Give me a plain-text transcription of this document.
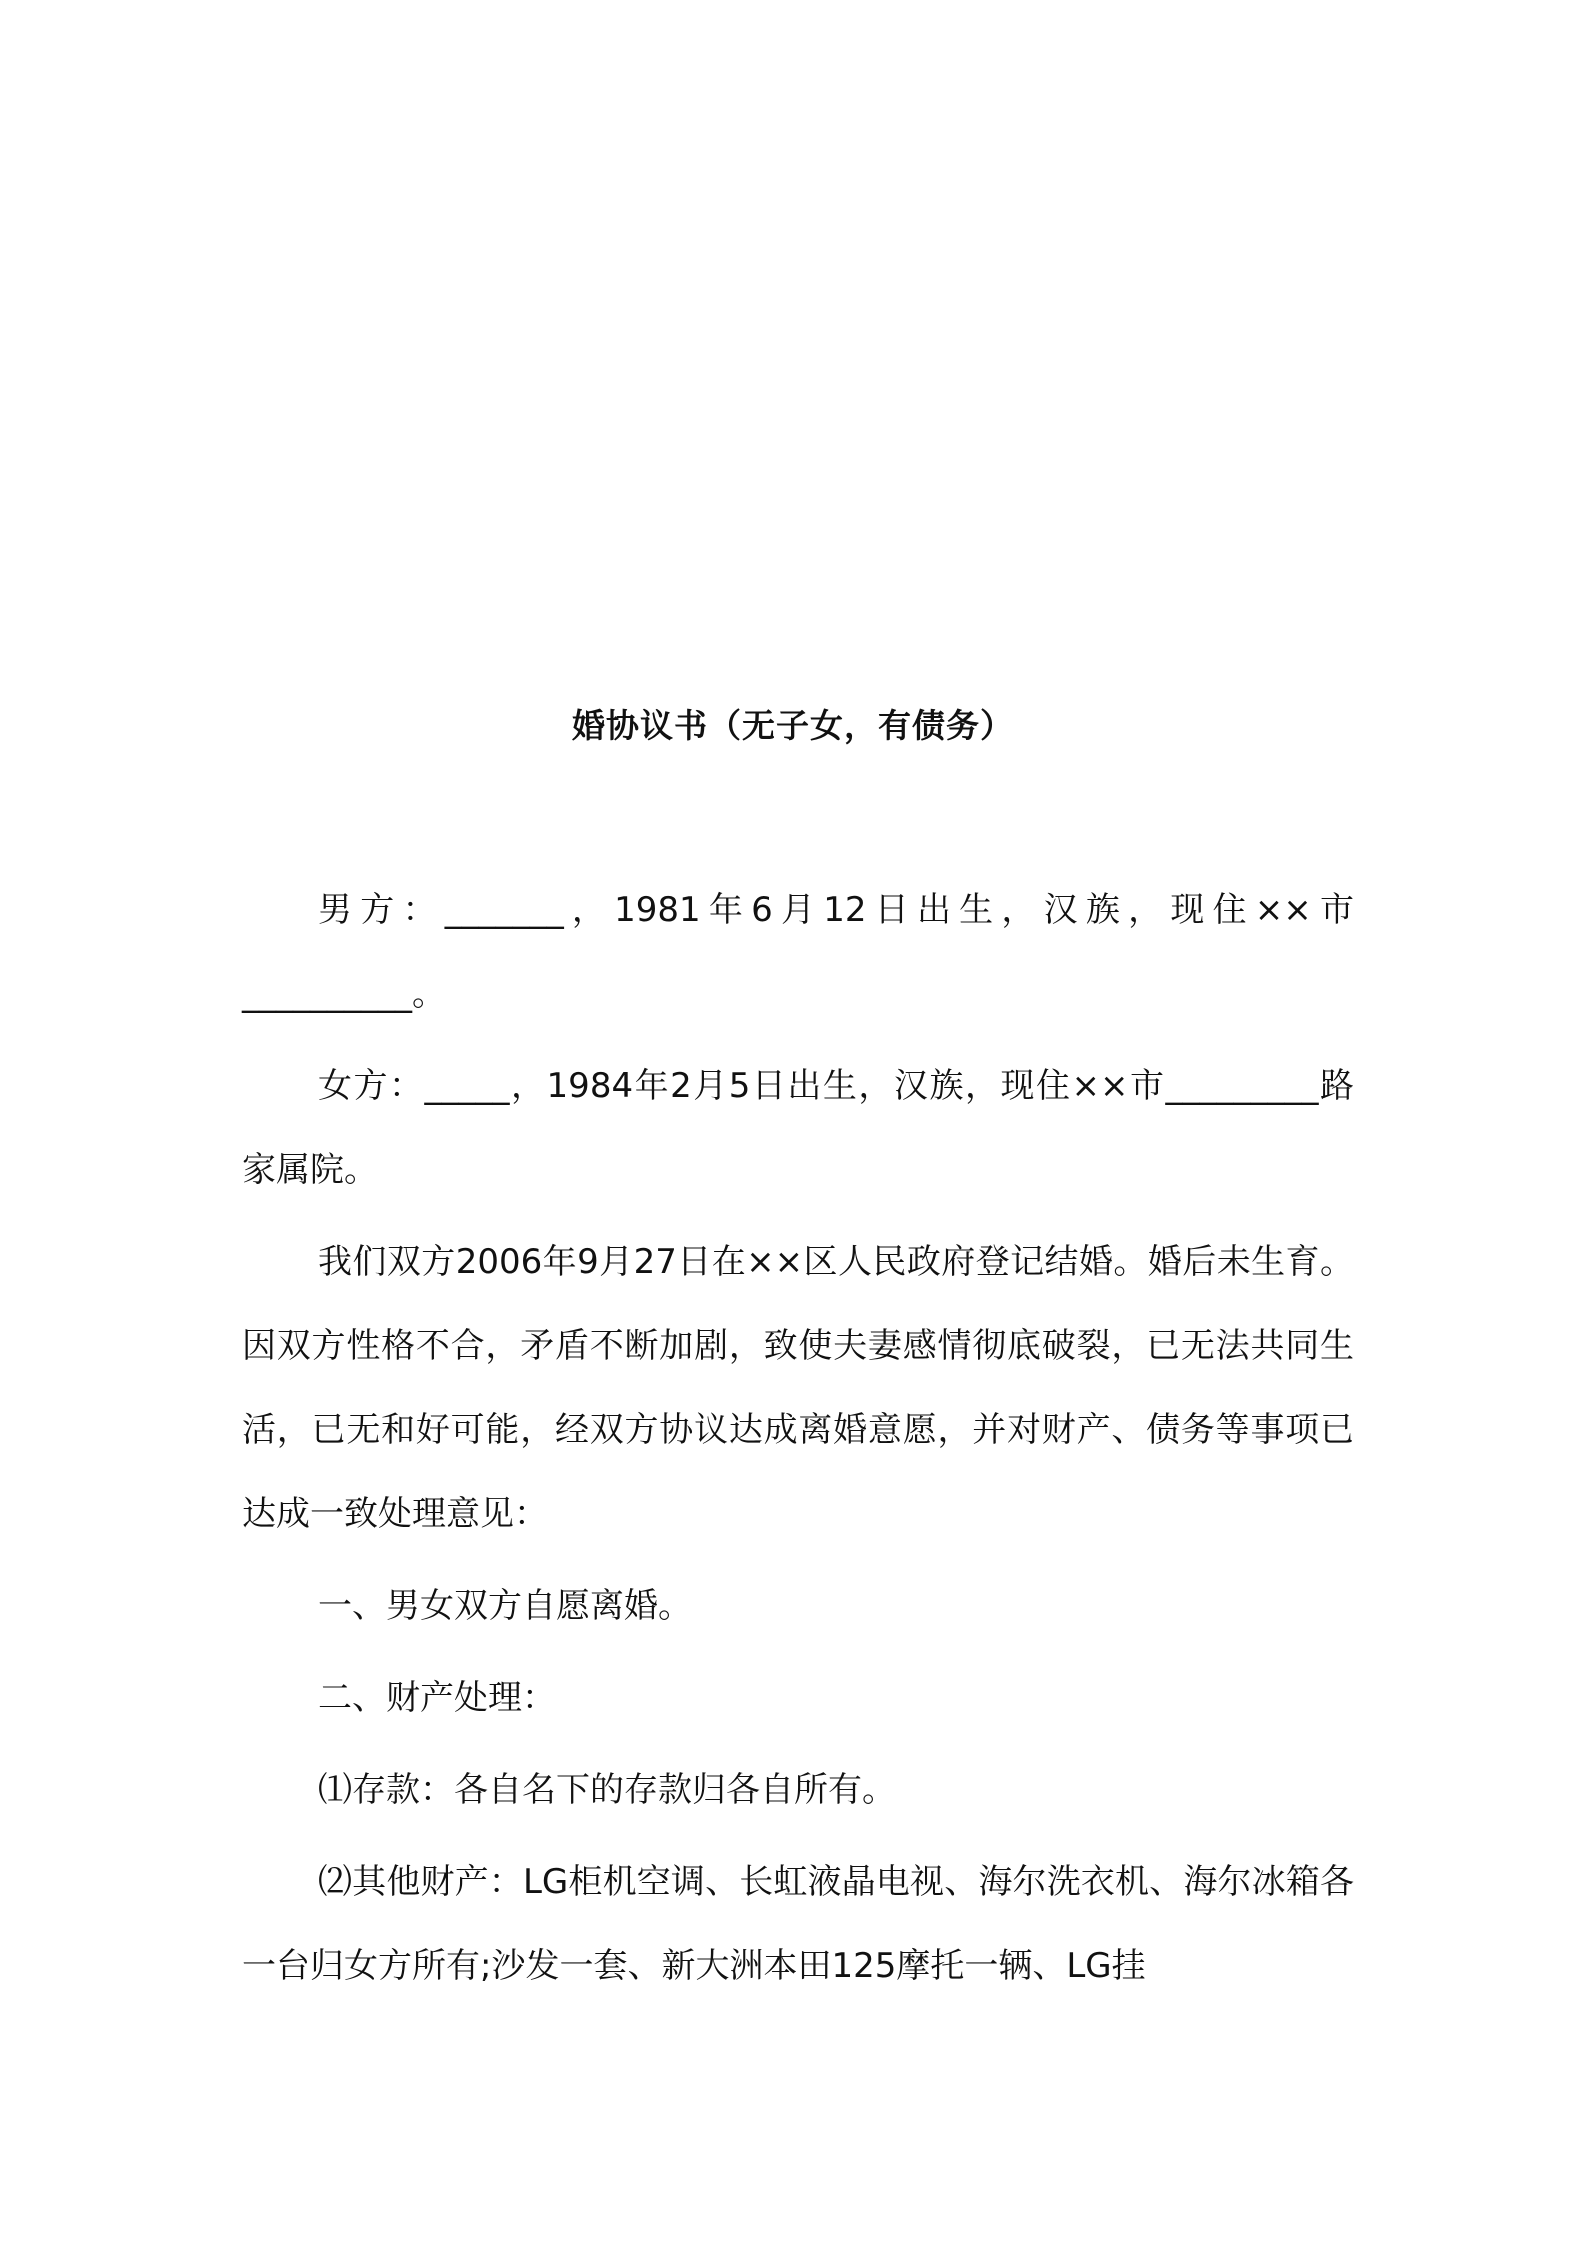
婚协议书（无子女，有债务）

男方：_______，1981年6月12日出生，汉族，现住××市__________。

女方：_____，1984年2月5日出生，汉族，现住××市_________路家属院。

我们双方2006年9月27日在××区人民政府登记结婚。婚后未生育。因双方性格不合，矛盾不断加剧，致使夫妻感情彻底破裂，已无法共同生活，已无和好可能，经双方协议达成离婚意愿，并对财产、债务等事项已达成一致处理意见：

一、男女双方自愿离婚。

二、财产处理：

⑴存款：各自名下的存款归各自所有。

⑵其他财产：LG柜机空调、长虹液晶电视、海尔洗衣机、海尔冰箱各一台归女方所有;沙发一套、新大洲本田125摩托一辆、LG挂
